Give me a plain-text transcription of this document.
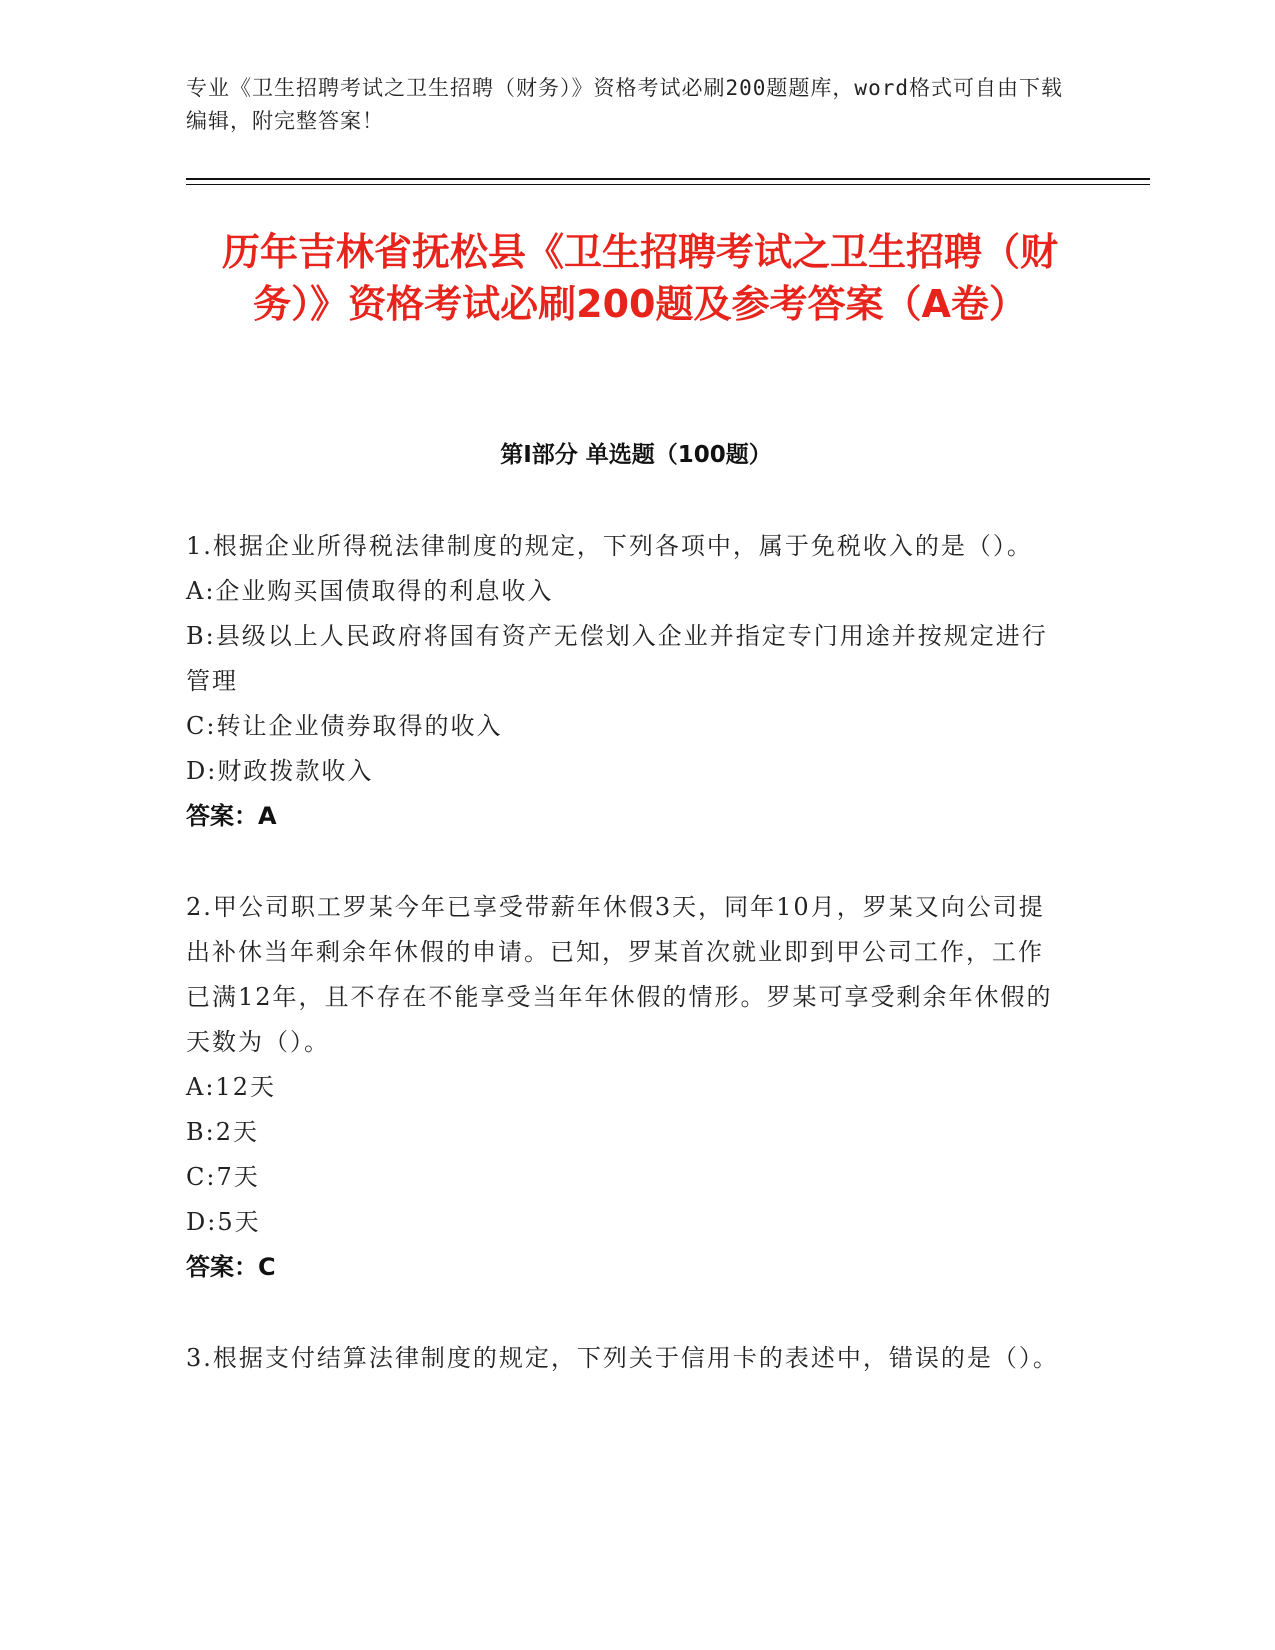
专业《卫生招聘考试之卫生招聘（财务）》资格考试必刷200题题库，word格式可自由下载编辑，附完整答案！
历年吉林省抚松县《卫生招聘考试之卫生招聘（财务）》资格考试必刷200题及参考答案（A卷）
第Ⅰ部分 单选题（100题）
1.根据企业所得税法律制度的规定，下列各项中，属于免税收入的是（）。
A:企业购买国债取得的利息收入
B:县级以上人民政府将国有资产无偿划入企业并指定专门用途并按规定进行管理
C:转让企业债券取得的收入
D:财政拨款收入
答案：A
2.甲公司职工罗某今年已享受带薪年休假3天，同年10月，罗某又向公司提出补休当年剩余年休假的申请。已知，罗某首次就业即到甲公司工作，工作已满12年，且不存在不能享受当年年休假的情形。罗某可享受剩余年休假的天数为（）。
A:12天
B:2天
C:7天
D:5天
答案：C
3.根据支付结算法律制度的规定，下列关于信用卡的表述中，错误的是（）。
